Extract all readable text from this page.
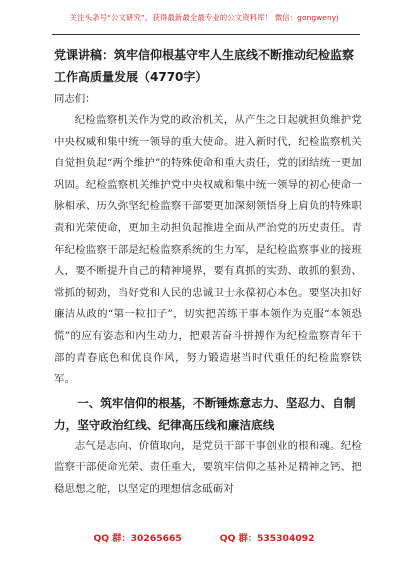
关注头条号“公文研究”，获得最新最全最专业的公文资料库！ 微信：gongwenyj
党课讲稿：筑牢信仰根基守牢人生底线不断推动纪检监察工作高质量发展（4770字）
同志们：

纪检监察机关作为党的政治机关，从产生之日起就担负维护党中央权威和集中统一领导的重大使命。进入新时代，纪检监察机关自觉担负起“两个维护”的特殊使命和重大责任，党的团结统一更加巩固。纪检监察机关维护党中央权威和集中统一领导的初心使命一脉相承、历久弥坚纪检监察干部要更加深刻领悟身上肩负的特殊职责和光荣使命，更加主动担负起推进全面从严治党的历史责任。青年纪检监察干部是纪检监察系统的生力军，是纪检监察事业的接班人，要不断提升自己的精神境界，要有真抓的实劲、敢抓的狠劲、常抓的韧劲，当好党和人民的忠诚卫士永葆初心本色。要坚决扣好廉洁从政的“第一粒扣子”，切实把苦练干事本领作为克服“本领恐慌”的应有姿态和内生动力，把艰苦奋斗拼搏作为纪检监察青年干部的青春底色和优良作风，努力锻造堪当时代重任的纪检监察铁军。

一、筑牢信仰的根基，不断锤炼意志力、坚忍力、自制力，坚守政治红线、纪律高压线和廉洁底线

志气是志向、价值取向，是党员干部干事创业的根和魂。纪检监察干部使命光荣、责任重大，要筑牢信仰之基补足精神之钙、把稳思想之舵，以坚定的理想信念砥砺对

QQ 群：30265665	QQ 群：535304092
